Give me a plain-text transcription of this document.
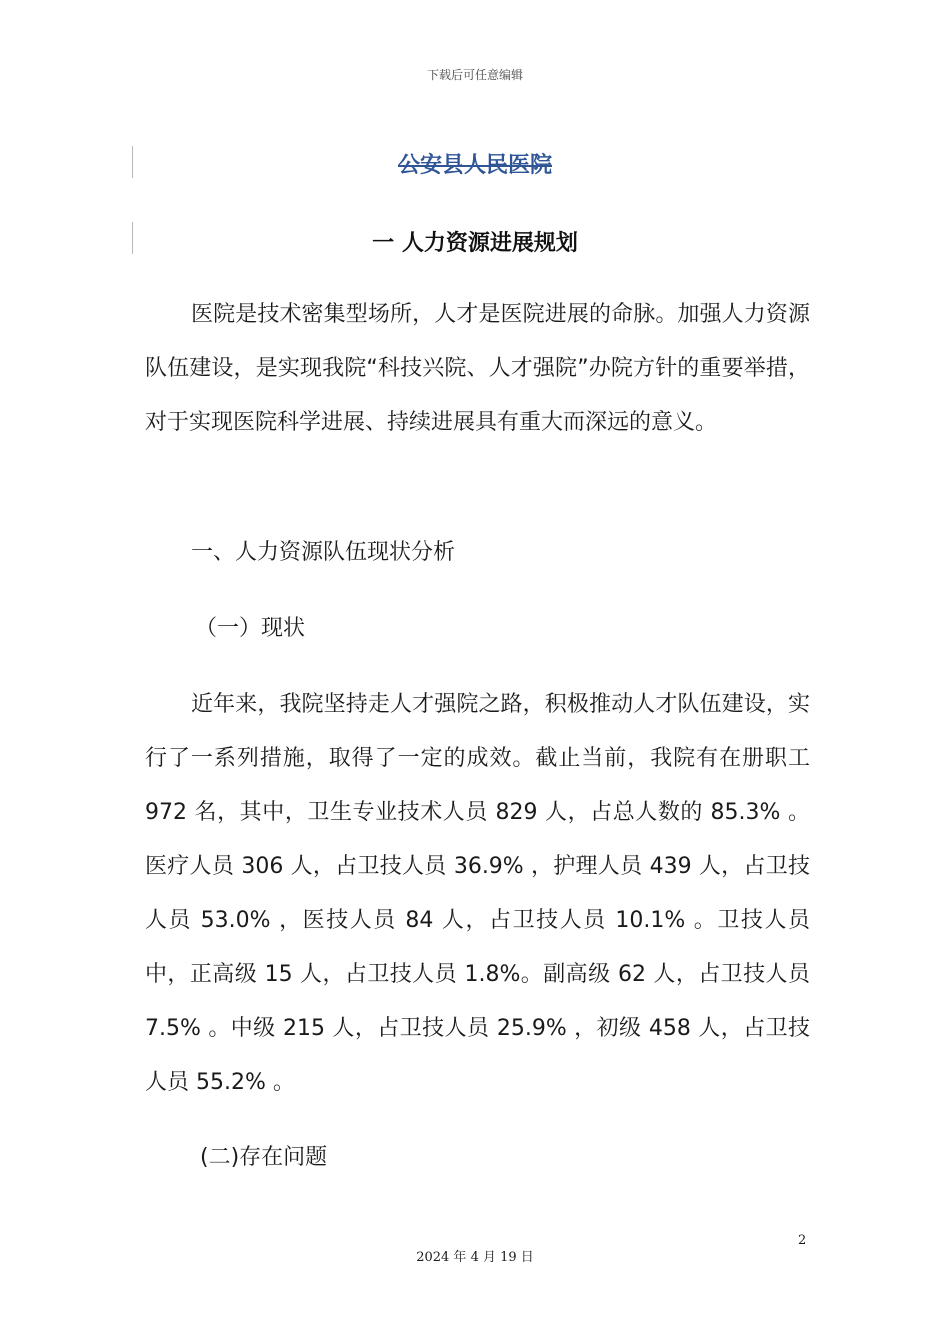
下载后可任意编辑
公安县人民医院
一 人力资源进展规划

医院是技术密集型场所，人才是医院进展的命脉。加强人力资源队伍建设，是实现我院“科技兴院、人才强院”办院方针的重要举措，对于实现医院科学进展、持续进展具有重大而深远的意义。

一、人力资源队伍现状分析
（一）现状

近年来，我院坚持走人才强院之路，积极推动人才队伍建设，实行了一系列措施，取得了一定的成效。截止当前，我院有在册职工 972 名，其中，卫生专业技术人员 829 人，占总人数的 85.3% 。医疗人员 306 人，占卫技人员 36.9% ，护理人员 439 人，占卫技人员 53.0% ，医技人员 84 人，占卫技人员 10.1% 。卫技人员中，正高级 15 人，占卫技人员 1.8%。副高级 62 人，占卫技人员 7.5% 。中级 215 人，占卫技人员 25.9% ，初级 458 人，占卫技人员 55.2% 。

(二)存在问题
2
2024 年 4 月 19 日
